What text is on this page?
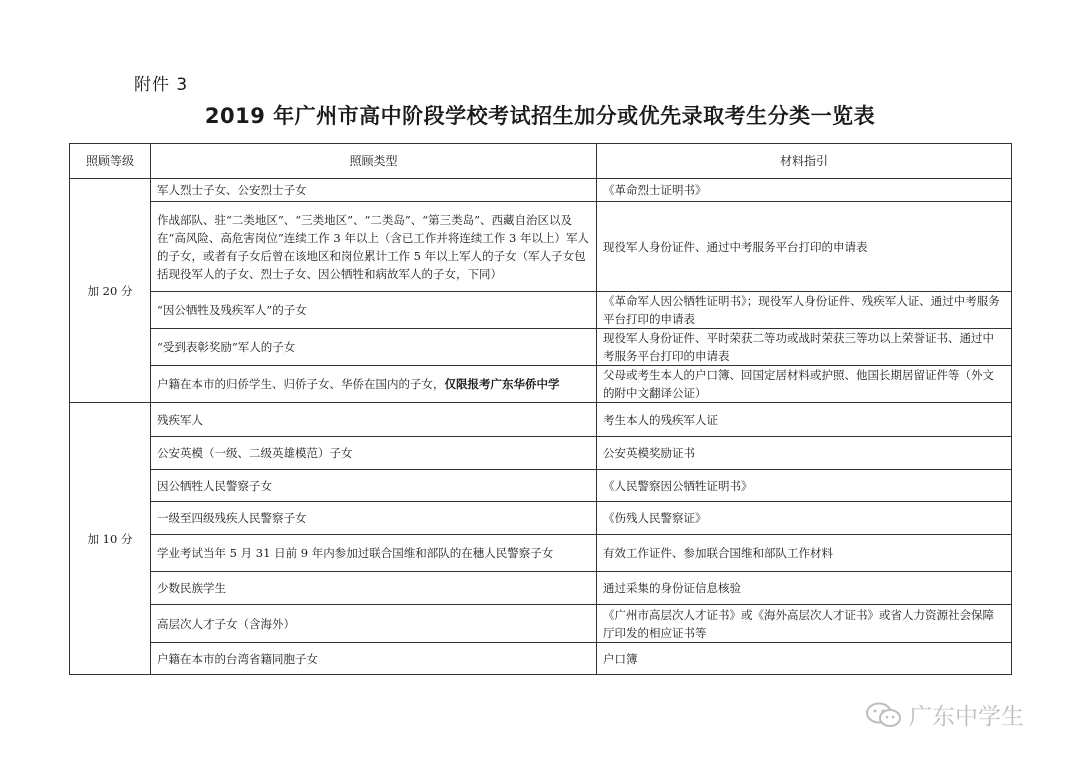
附件 3
2019 年广州市高中阶段学校考试招生加分或优先录取考生分类一览表
照顾等级	照顾类型	材料指引
加 20 分	军人烈士子女、公安烈士子女	《革命烈士证明书》
	作战部队、驻“二类地区”、“三类地区”、“二类岛”、“第三类岛”、西藏自治区以及在“高风险、高危害岗位”连续工作 3 年以上（含已工作并将连续工作 3 年以上）军人的子女，或者有子女后曾在该地区和岗位累计工作 5 年以上军人的子女（军人子女包括现役军人的子女、烈士子女、因公牺牲和病故军人的子女，下同）	现役军人身份证件、通过中考服务平台打印的申请表
	“因公牺牲及残疾军人”的子女	《革命军人因公牺牲证明书》；现役军人身份证件、残疾军人证、通过中考服务平台打印的申请表
	“受到表彰奖励”军人的子女	现役军人身份证件、平时荣获二等功或战时荣获三等功以上荣誉证书、通过中考服务平台打印的申请表
	户籍在本市的归侨学生、归侨子女、华侨在国内的子女，仅限报考广东华侨中学	父母或考生本人的户口簿、回国定居材料或护照、他国长期居留证件等（外文的附中文翻译公证）
加 10 分	残疾军人	考生本人的残疾军人证
	公安英模（一级、二级英雄模范）子女	公安英模奖励证书
	因公牺牲人民警察子女	《人民警察因公牺牲证明书》
	一级至四级残疾人民警察子女	《伤残人民警察证》
	学业考试当年 5 月 31 日前 9 年内参加过联合国维和部队的在穗人民警察子女	有效工作证件、参加联合国维和部队工作材料
	少数民族学生	通过采集的身份证信息核验
	高层次人才子女（含海外）	《广州市高层次人才证书》或《海外高层次人才证书》或省人力资源社会保障厅印发的相应证书等
	户籍在本市的台湾省籍同胞子女	户口簿
广东中学生
